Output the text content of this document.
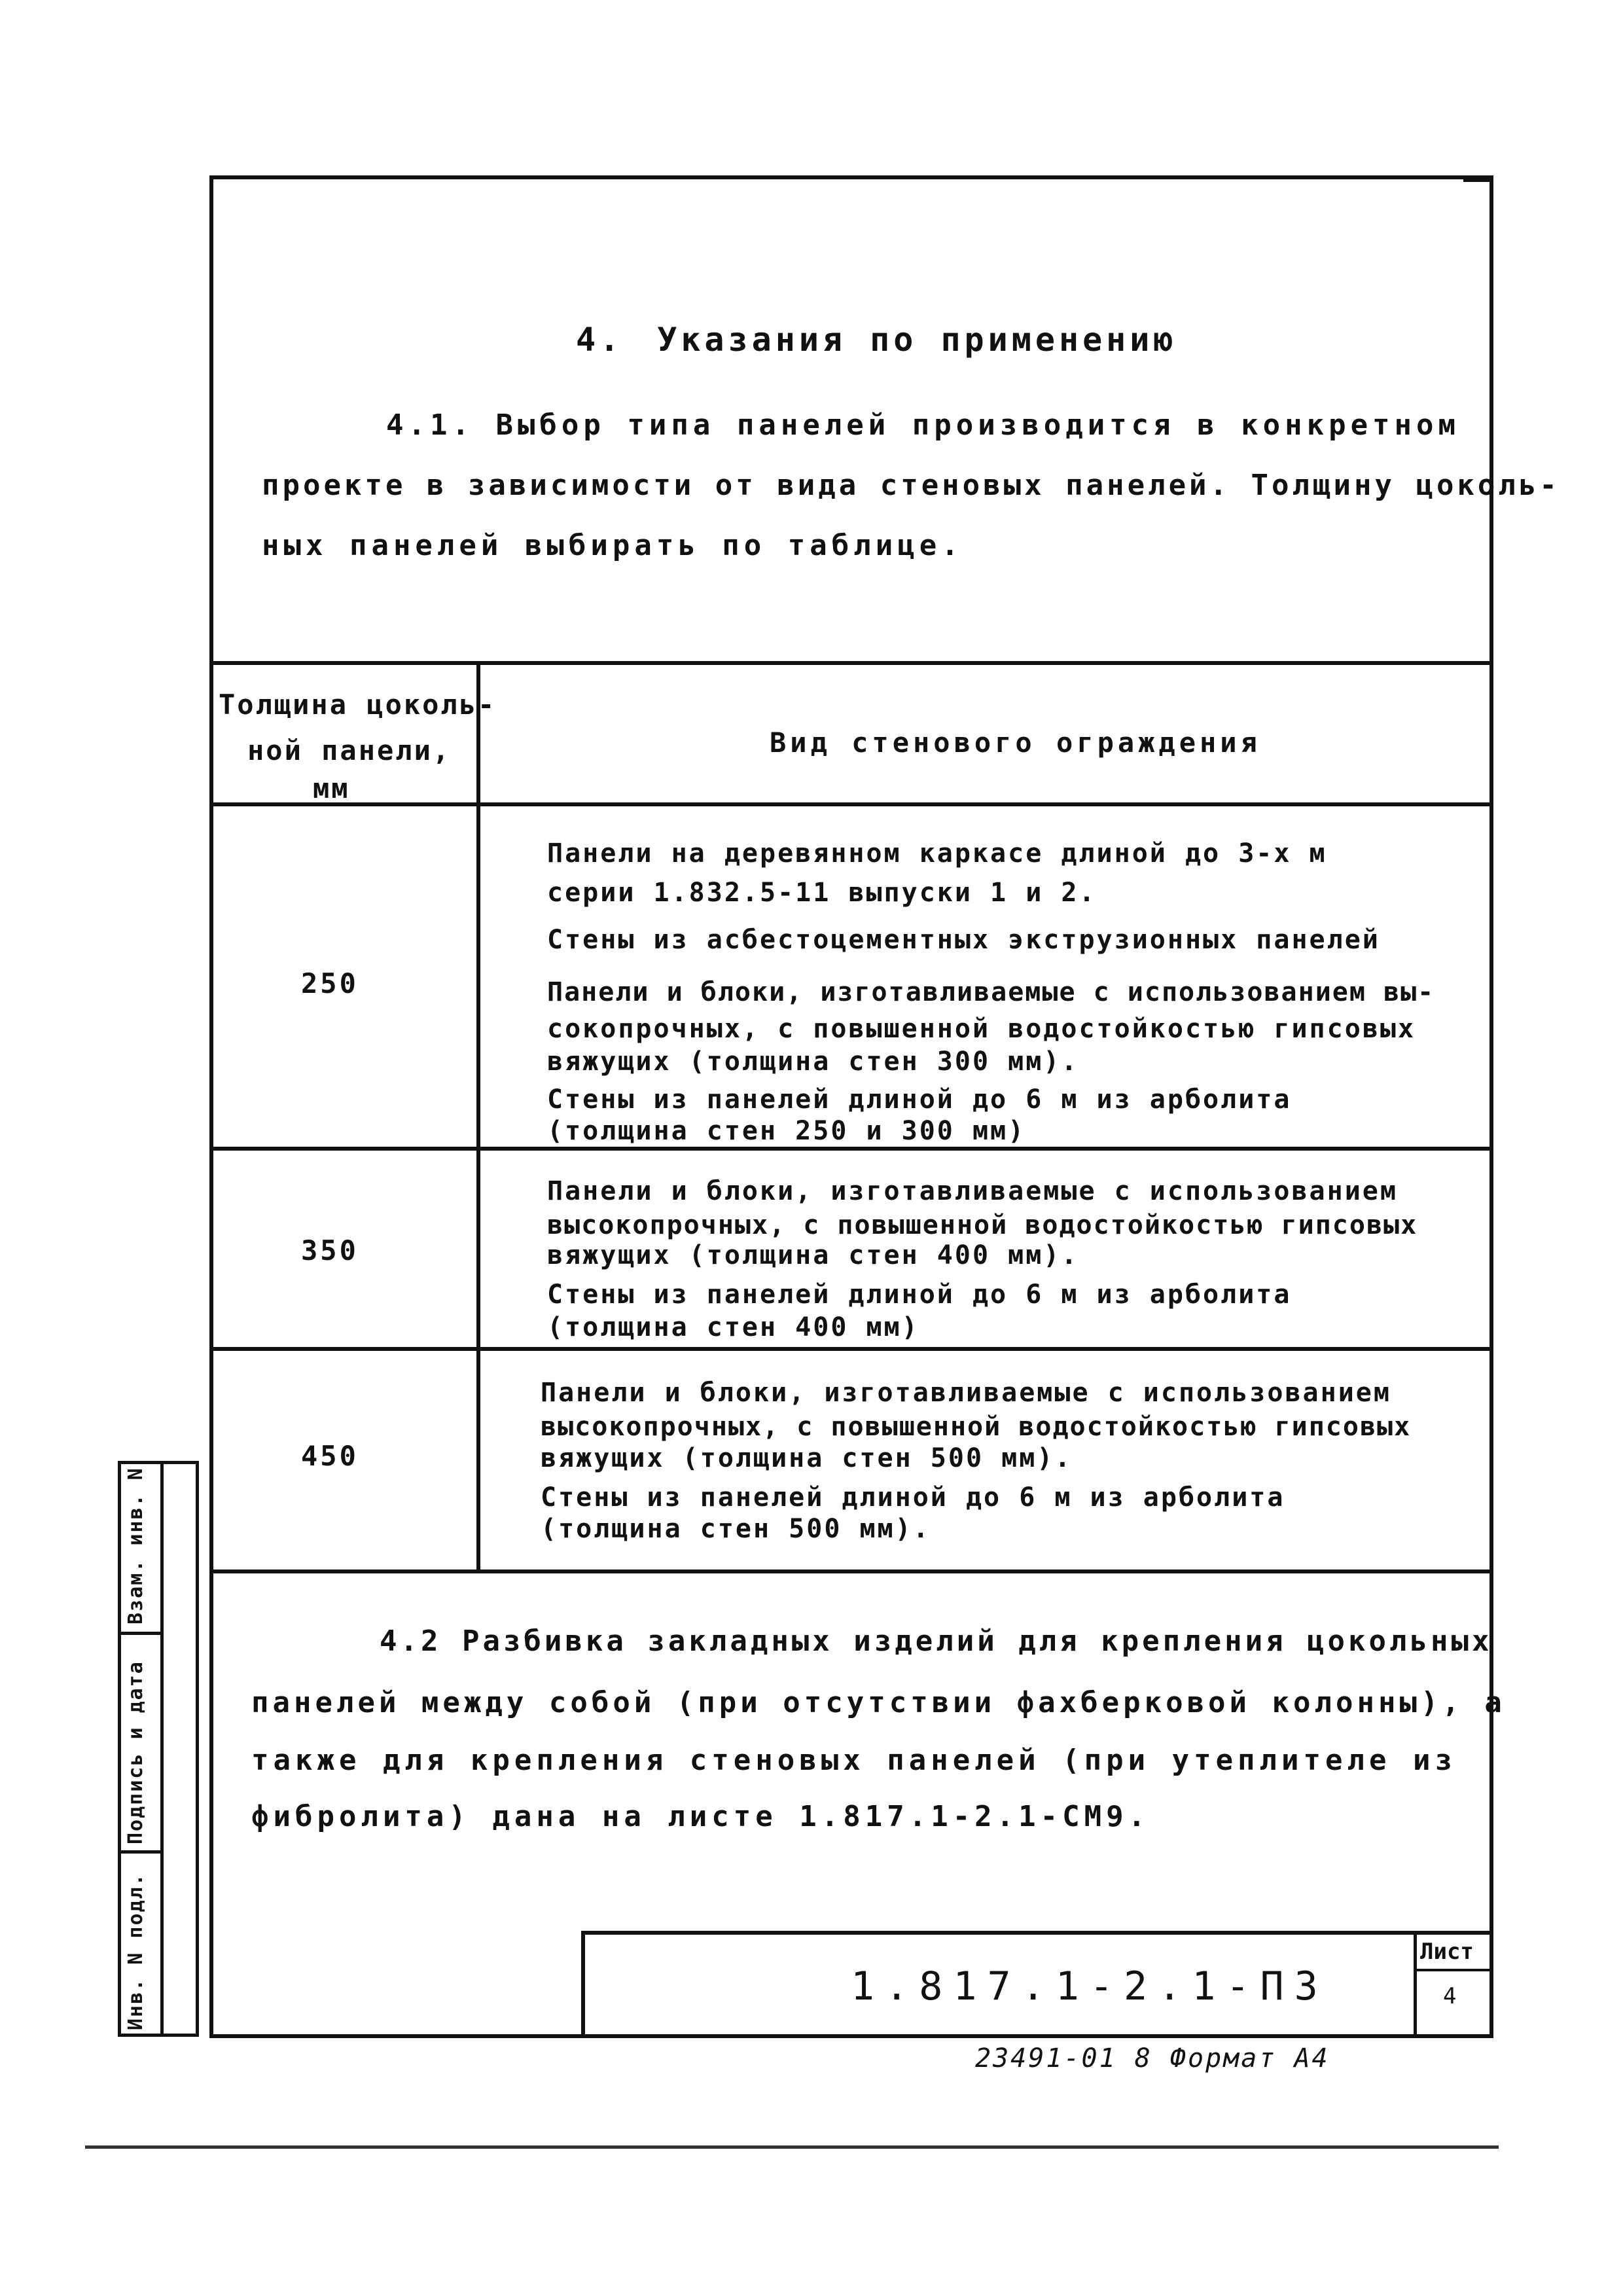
4. Указания по применению
4.1. Выбор типа панелей производится в конкретном
проекте в зависимости от вида стеновых панелей. Толщину цоколь-
ных панелей выбирать по таблице.
Толщина цоколь-
ной панели,
мм
Вид стенового ограждения
250
Панели на деревянном каркасе длиной до 3-х м
серии 1.832.5-11 выпуски 1 и 2.
Стены из асбестоцементных экструзионных панелей
Панели и блоки, изготавливаемые с использованием вы-
сокопрочных, с повышенной водостойкостью гипсовых
вяжущих (толщина стен 300 мм).
Стены из панелей длиной до 6 м из арболита
(толщина стен 250 и 300 мм)
350
Панели и блоки, изготавливаемые с использованием
высокопрочных, с повышенной водостойкостью гипсовых
вяжущих (толщина стен 400 мм).
Стены из панелей длиной до 6 м из арболита
(толщина стен 400 мм)
450
Панели и блоки, изготавливаемые с использованием
высокопрочных, с повышенной водостойкостью гипсовых
вяжущих (толщина стен 500 мм).
Стены из панелей длиной до 6 м из арболита
(толщина стен 500 мм).
4.2 Разбивка закладных изделий для крепления цокольных
панелей между собой (при отсутствии фахберковой колонны), а
также для крепления стеновых панелей (при утеплителе из
фибролита) дана на листе 1.817.1-2.1-СМ9.
Взам. инв. N
Подпись и дата
Инв. N подл.	1.817.1-2.1-ПЗ
Лист
4
23491-01 8 Формат А4
